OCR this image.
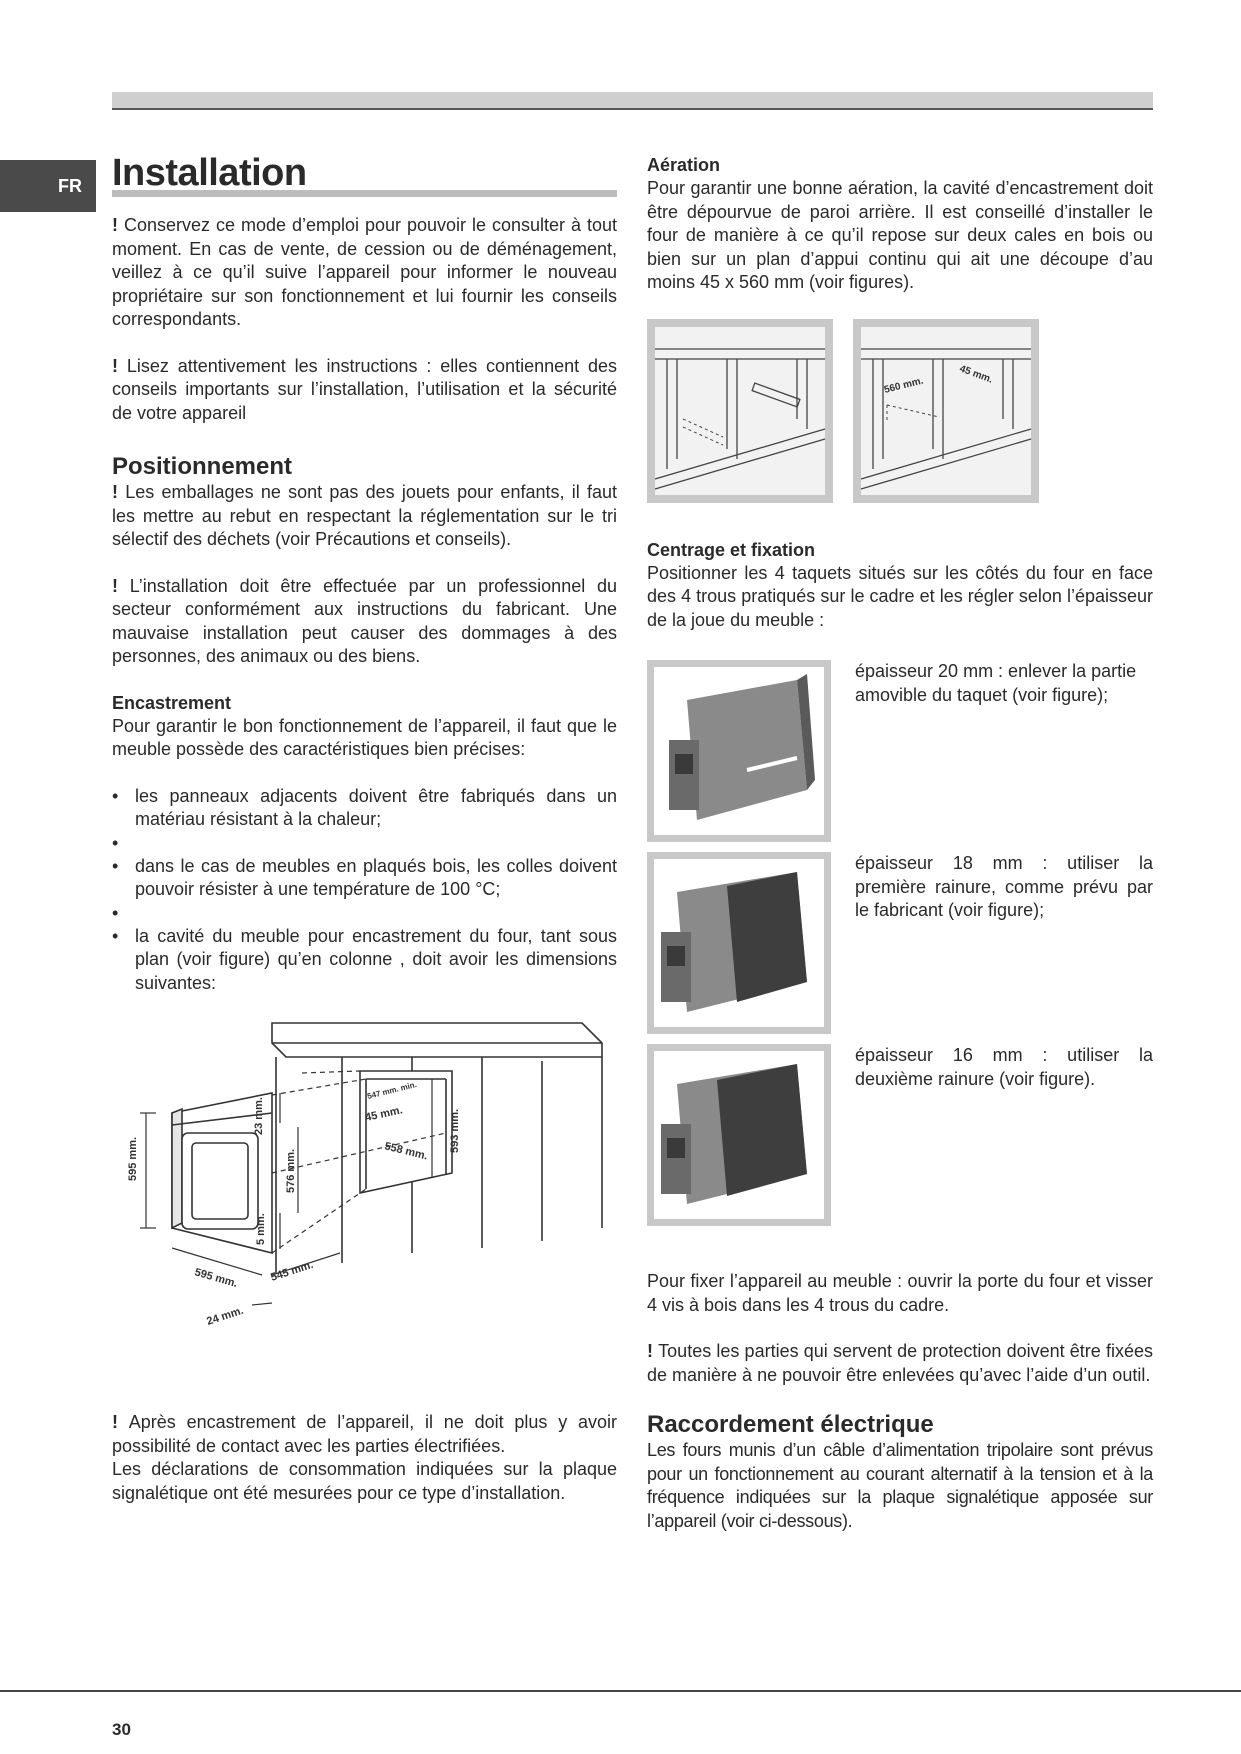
FR Installation

! Conservez ce mode d’emploi pour pouvoir le consulter à tout moment. En cas de vente, de cession ou de déménagement, veillez à ce qu’il suive l’appareil pour informer le nouveau propriétaire sur son fonctionnement et lui fournir les conseils correspondants.

! Lisez attentivement les instructions : elles contiennent des conseils importants sur l’installation, l’utilisation et la sécurité de votre appareil

Positionnement

! Les emballages ne sont pas des jouets pour enfants, il faut les mettre au rebut en respectant la réglementation sur le tri sélectif des déchets (voir Précautions et conseils).

! L’installation doit être effectuée par un professionnel du secteur conformément aux instructions du fabricant. Une mauvaise installation peut causer des dommages à des personnes, des animaux ou des biens.

Encastrement

Pour garantir le bon fonctionnement de l’appareil, il faut que le meuble possède des caractéristiques bien précises:

• les panneaux adjacents doivent être fabriqués dans un matériau résistant à la chaleur;
•
• dans le cas de meubles en plaqués bois, les colles doivent pouvoir résister à une température de 100 °C;
•
• la cavité du meuble pour encastrement du four, tant sous plan (voir figure) qu’en colonne , doit avoir les dimensions suivantes:
595 mm.
23 mm.
576 mm.
5 mm.
595 mm.	545 mm.
24 mm.
547 mm. min.
45 mm.
558 mm. 593 mm.

! Après encastrement de l’appareil, il ne doit plus y avoir possibilité de contact avec les parties électrifiées.

Les déclarations de consommation indiquées sur la plaque signalétique ont été mesurées pour ce type d’installation.

Aération

Pour garantir une bonne aération, la cavité d’encastrement doit être dépourvue de paroi arrière. Il est conseillé d’installer le four de manière à ce qu’il repose sur deux cales en bois ou bien sur un plan d’appui continu qui ait une découpe d’au moins 45 x 560 mm (voir figures).

560 mm.
45 mm.
Centrage et fixation

Positionner les 4 taquets situés sur les côtés du four en face des 4 trous pratiqués sur le cadre et les régler selon l’épaisseur de la joue du meuble :

épaisseur 20 mm : enlever la partie amovible du taquet (voir figure);

épaisseur 18 mm : utiliser la première rainure, comme prévu par le fabricant (voir figure);

épaisseur 16 mm : utiliser la deuxième rainure (voir figure).

Pour fixer l’appareil au meuble : ouvrir la porte du four et visser 4 vis à bois dans les 4 trous du cadre.

! Toutes les parties qui servent de protection doivent être fixées de manière à ne pouvoir être enlevées qu’avec l’aide d’un outil.

Raccordement électrique

Les fours munis d’un câble d’alimentation tripolaire sont prévus pour un fonctionnement au courant alternatif à la tension et à la fréquence indiquées sur la plaque signalétique apposée sur l’appareil (voir ci-dessous).

30
